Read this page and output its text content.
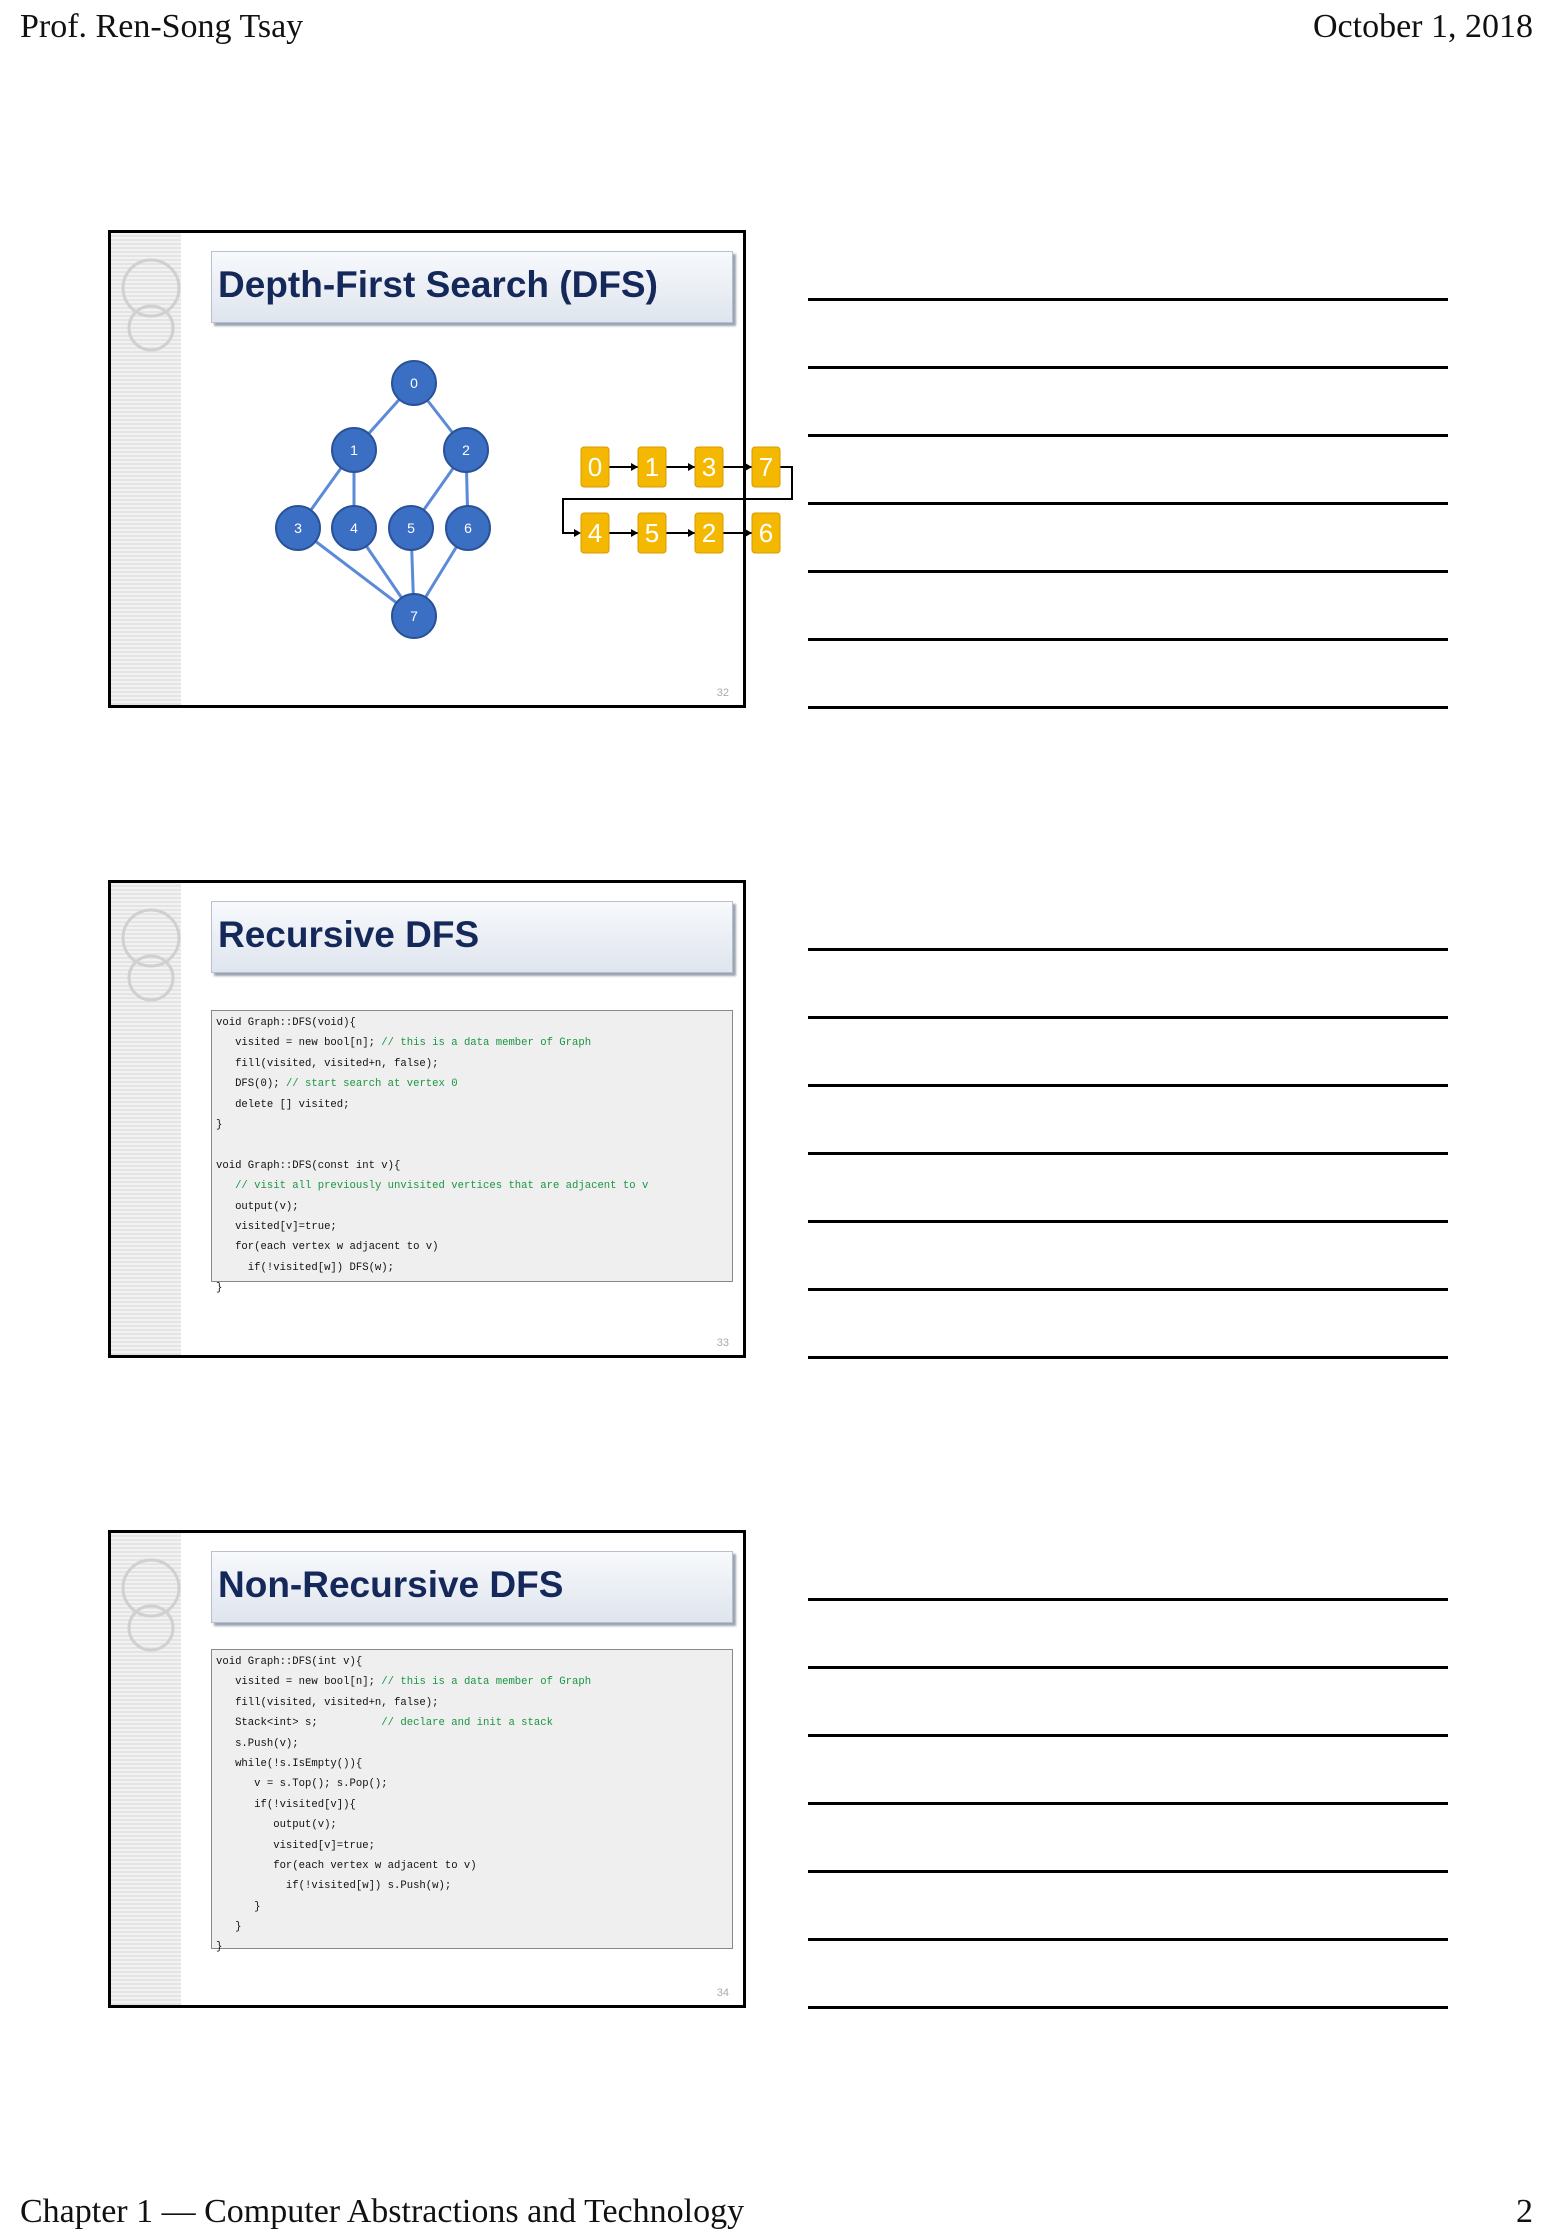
Prof. Ren-Song Tsay	October 1, 2018
Depth-First Search (DFS)
0
1	2
3	4	5	6
7
0 1 3 7
4 5 2 6
32
Recursive DFS
void Graph::DFS(void){
visited = new bool[n]; // this is a data member of Graph
fill(visited, visited+n, false);
DFS(0); // start search at vertex 0
delete [] visited;
}
void Graph::DFS(const int v){
// visit all previously unvisited vertices that are adjacent to v
output(v);
visited[v]=true;
for(each vertex w adjacent to v)
if(!visited[w]) DFS(w);
}
33
Non-Recursive DFS
void Graph::DFS(int v){
visited = new bool[n]; // this is a data member of Graph
fill(visited, visited+n, false);
Stack<int> s;          // declare and init a stack
s.Push(v);
while(!s.IsEmpty()){
v = s.Top(); s.Pop();
if(!visited[v]){
output(v);
visited[v]=true;
for(each vertex w adjacent to v)
if(!visited[w]) s.Push(w);
}
}
}
34
Chapter 1 — Computer Abstractions and Technology	2
